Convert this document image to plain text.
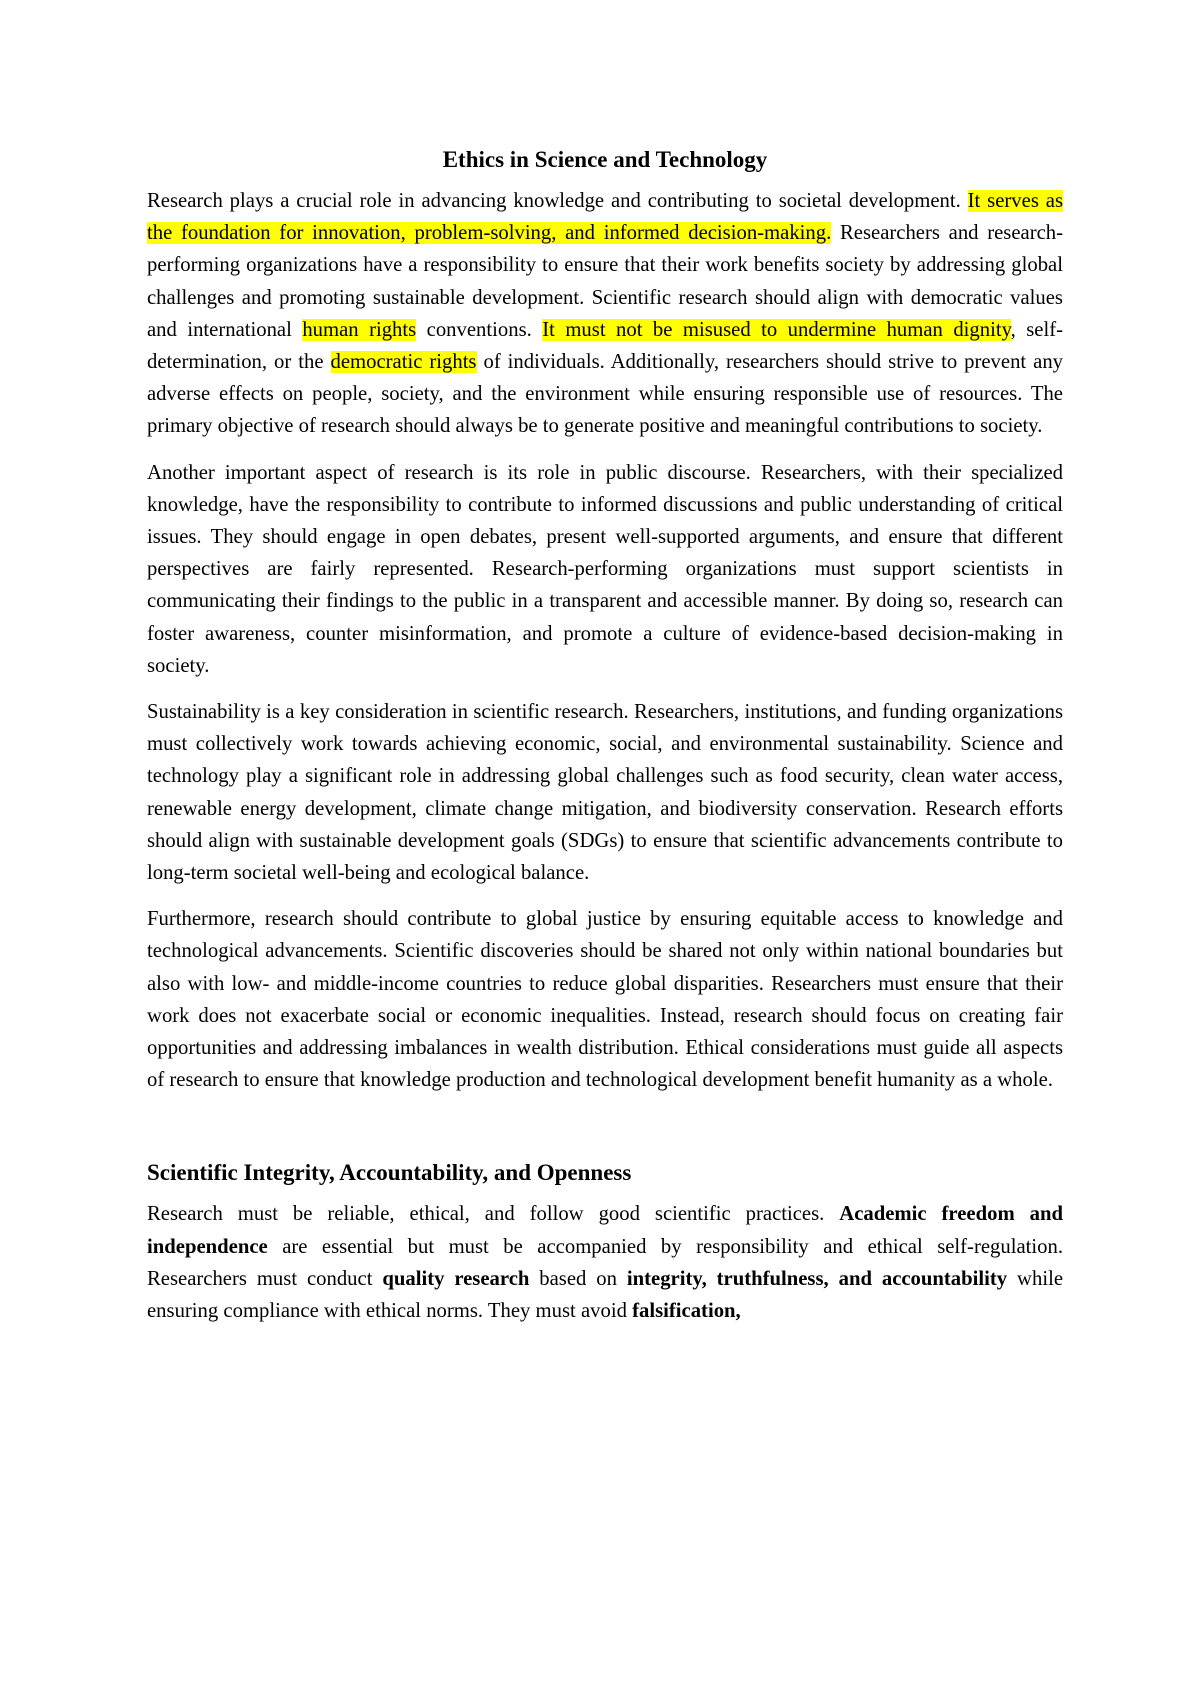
Ethics in Science and Technology

Research plays a crucial role in advancing knowledge and contributing to societal development. It serves as the foundation for innovation, problem-solving, and informed decision-making. Researchers and research-performing organizations have a responsibility to ensure that their work benefits society by addressing global challenges and promoting sustainable development. Scientific research should align with democratic values and international human rights conventions. It must not be misused to undermine human dignity, self-determination, or the democratic rights of individuals. Additionally, researchers should strive to prevent any adverse effects on people, society, and the environment while ensuring responsible use of resources. The primary objective of research should always be to generate positive and meaningful contributions to society.

Another important aspect of research is its role in public discourse. Researchers, with their specialized knowledge, have the responsibility to contribute to informed discussions and public understanding of critical issues. They should engage in open debates, present well-supported arguments, and ensure that different perspectives are fairly represented. Research-performing organizations must support scientists in communicating their findings to the public in a transparent and accessible manner. By doing so, research can foster awareness, counter misinformation, and promote a culture of evidence-based decision-making in society.

Sustainability is a key consideration in scientific research. Researchers, institutions, and funding organizations must collectively work towards achieving economic, social, and environmental sustainability. Science and technology play a significant role in addressing global challenges such as food security, clean water access, renewable energy development, climate change mitigation, and biodiversity conservation. Research efforts should align with sustainable development goals (SDGs) to ensure that scientific advancements contribute to long-term societal well-being and ecological balance.

Furthermore, research should contribute to global justice by ensuring equitable access to knowledge and technological advancements. Scientific discoveries should be shared not only within national boundaries but also with low- and middle-income countries to reduce global disparities. Researchers must ensure that their work does not exacerbate social or economic inequalities. Instead, research should focus on creating fair opportunities and addressing imbalances in wealth distribution. Ethical considerations must guide all aspects of research to ensure that knowledge production and technological development benefit humanity as a whole.

Scientific Integrity, Accountability, and Openness

Research must be reliable, ethical, and follow good scientific practices. Academic freedom and independence are essential but must be accompanied by responsibility and ethical self-regulation. Researchers must conduct quality research based on integrity, truthfulness, and accountability while ensuring compliance with ethical norms. They must avoid falsification,
